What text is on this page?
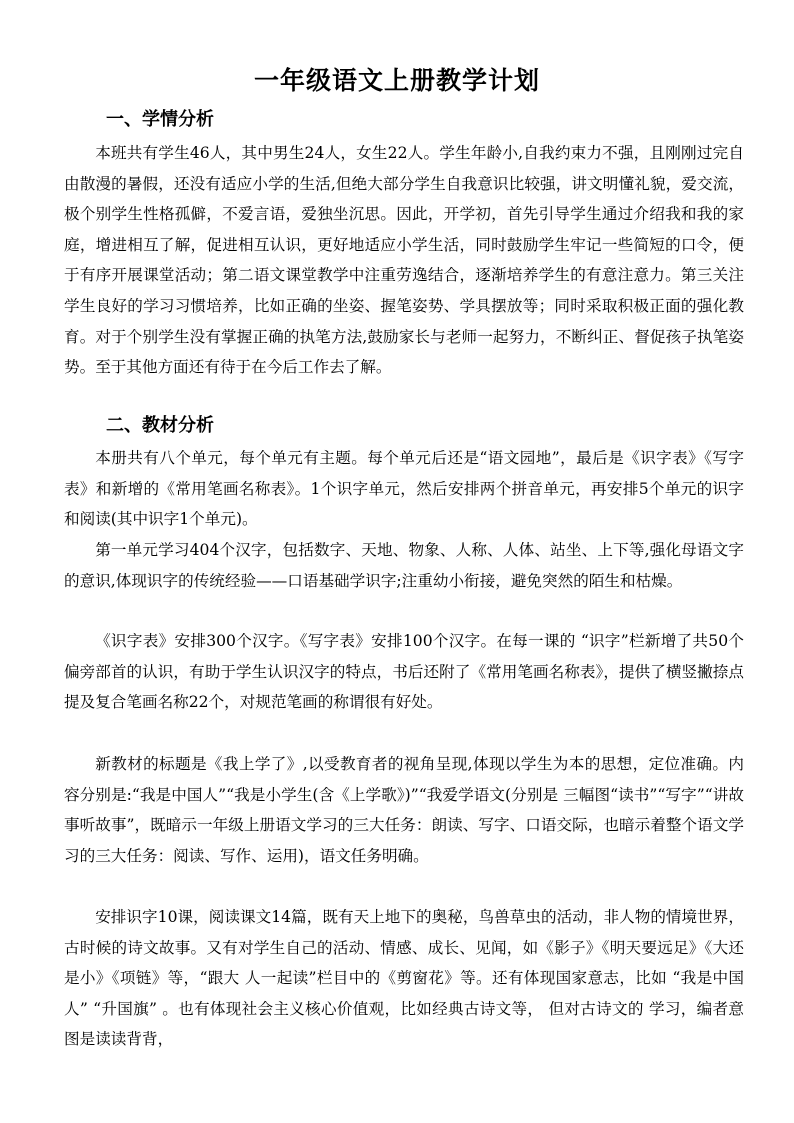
一年级语文上册教学计划
一、学情分析

本班共有学生46人，其中男生24人，女生22人。学生年龄小,自我约束力不强，且刚刚过完自由散漫的暑假，还没有适应小学的生活,但绝大部分学生自我意识比较强，讲文明懂礼貌，爱交流，极个别学生性格孤僻，不爱言语，爱独坐沉思。因此，开学初，首先引导学生通过介绍我和我的家庭，增进相互了解，促进相互认识，更好地适应小学生活，同时鼓励学生牢记一些简短的口令，便于有序开展课堂活动；第二语文课堂教学中注重劳逸结合，逐渐培养学生的有意注意力。第三关注学生良好的学习习惯培养，比如正确的坐姿、握笔姿势、学具摆放等；同时采取积极正面的强化教育。对于个别学生没有掌握正确的执笔方法,鼓励家长与老师一起努力，不断纠正、督促孩子执笔姿势。至于其他方面还有待于在今后工作去了解。

二、教材分析

本册共有八个单元，每个单元有主题。每个单元后还是“语文园地”，最后是《识字表》《写字表》和新增的《常用笔画名称表》。1个识字单元，然后安排两个拼音单元，再安排5个单元的识字和阅读(其中识字1个单元)。

第一单元学习404个汉字，包括数字、天地、物象、人称、人体、站坐、上下等,强化母语文字的意识,体现识字的传统经验——口语基础学识字;注重幼小衔接，避免突然的陌生和枯燥。

《识字表》安排300个汉字。《写字表》安排100个汉字。在每一课的 “识字”栏新增了共50个偏旁部首的认识，有助于学生认识汉字的特点，书后还附了《常用笔画名称表》，提供了横竖撇捺点提及复合笔画名称22个，对规范笔画的称谓很有好处。

新教材的标题是《我上学了》,以受教育者的视角呈现,体现以学生为本的思想，定位准确。内容分别是:“我是中国人”“我是小学生(含《上学歌》)”“我爱学语文(分别是 三幅图“读书”“写字”“讲故事听故事”，既暗示一年级上册语文学习的三大任务：朗读、写字、口语交际，也暗示着整个语文学习的三大任务：阅读、写作、运用)，语文任务明确。

安排识字10课，阅读课文14篇，既有天上地下的奥秘，鸟兽草虫的活动，非人物的情境世界，古时候的诗文故事。又有对学生自己的活动、情感、成长、见闻，如《影子》《明天要远足》《大还是小》《项链》等，“跟大 人一起读”栏目中的《剪窗花》等。还有体现国家意志，比如 “我是中国人” “升国旗” 。也有体现社会主义核心价值观，比如经典古诗文等， 但对古诗文的 学习，编者意图是读读背背，
